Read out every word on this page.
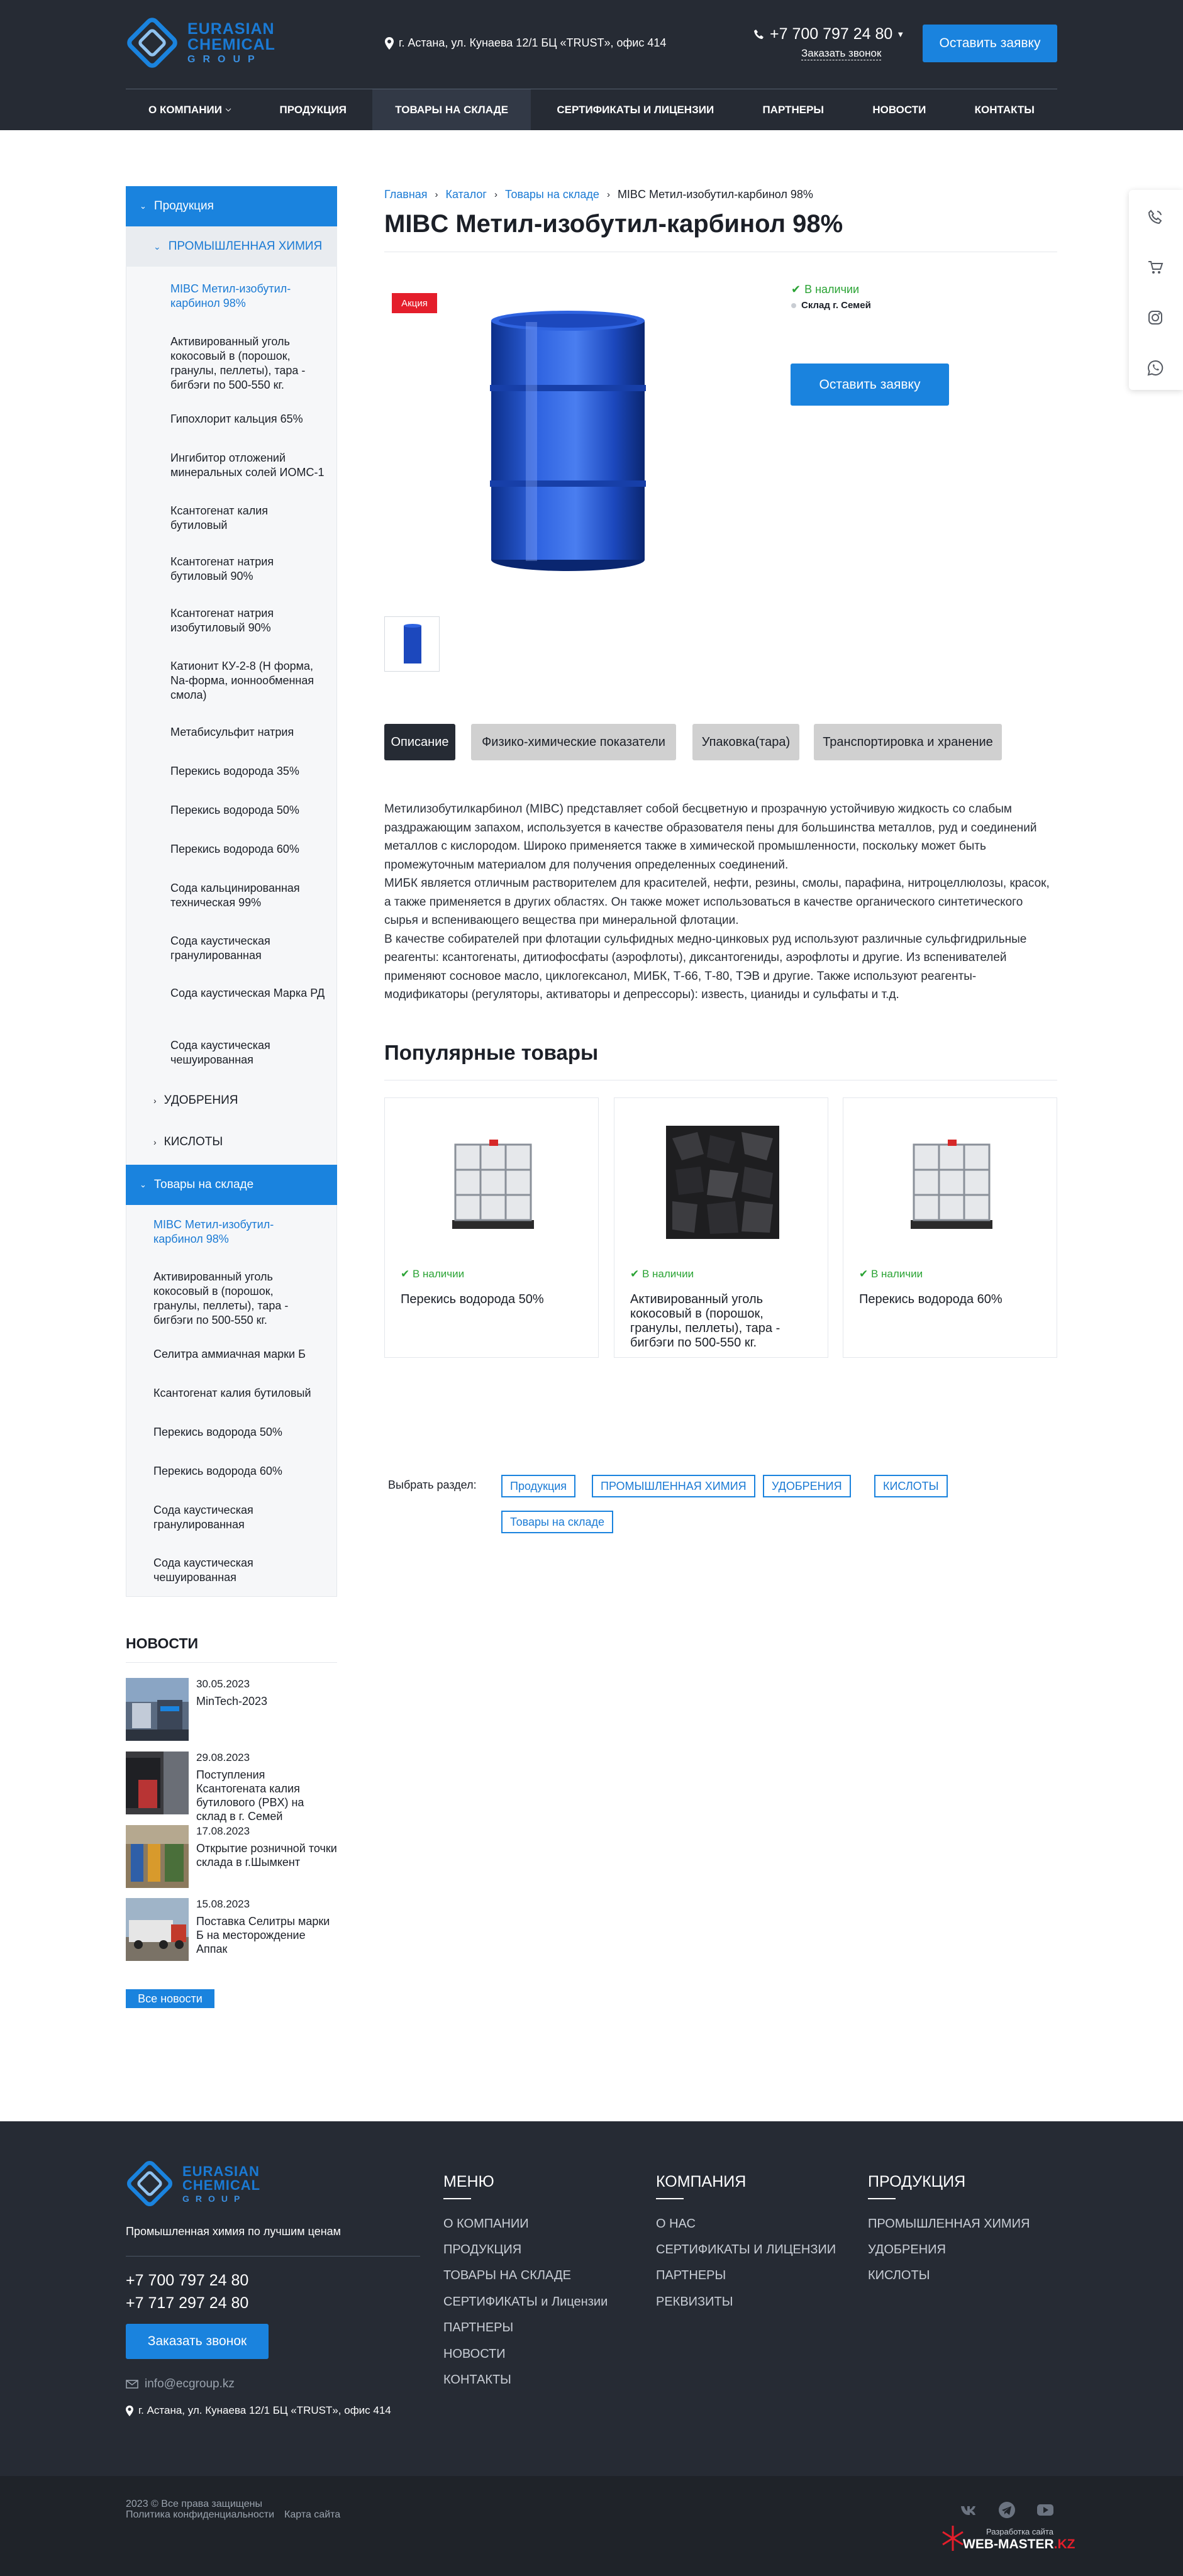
EURASIAN
CHEMICAL
GROUP
г. Астана, ул. Кунаева 12/1 БЦ «TRUST», офис 414	+7 700 797 24 80 ▼
Заказать звонок
Оставить заявку
О КОМПАНИИ ⌵	ПРОДУКЦИЯ	ТОВАРЫ НА СКЛАДЕ	СЕРТИФИКАТЫ И ЛИЦЕНЗИИ	ПАРТНЕРЫ	НОВОСТИ	КОНТАКТЫ
⌄ Продукция
⌄ ПРОМЫШЛЕННАЯ ХИМИЯ
MIBC Метил-изобутил-карбинол 98%
Активированный уголь кокосовый в (порошок, гранулы, пеллеты), тара - бигбэги по 500-550 кг.
Гипохлорит кальция 65%
Ингибитор отложений минеральных солей ИОМС-1
Ксантогенат калия бутиловый
Ксантогенат натрия бутиловый 90%
Ксантогенат натрия изобутиловый 90%
Катионит КУ-2-8 (Н форма, Na-форма, ионнообменная смола)
Метабисульфит натрия
Перекись водорода 35%
Перекись водорода 50%
Перекись водорода 60%
Сода кальцинированная техническая 99%
Сода каустическая гранулированная
Сода каустическая Марка РД
Сода каустическая чешуированная
› УДОБРЕНИЯ
› КИСЛОТЫ
⌄ Товары на складе
MIBC Метил-изобутил-карбинол 98%
Активированный уголь кокосовый в (порошок, гранулы, пеллеты), тара - бигбэги по 500-550 кг.
Селитра аммиачная марки Б
Ксантогенат калия бутиловый
Перекись водорода 50%
Перекись водорода 60%
Сода каустическая гранулированная
Сода каустическая чешуированная
НОВОСТИ
30.05.2023
MinTech-2023
29.08.2023
Поступления Ксантогената калия бутилового (PBX) на склад в г. Семей
17.08.2023
Открытие розничной точки склада в г.Шымкент
15.08.2023
Поставка Селитры марки Б на месторождение Аппак
Все новости
Главная › Каталог › Товары на складе › MIBC Метил-изобутил-карбинол 98%
MIBC Метил-изобутил-карбинол 98%
Акция
✔ В наличии
Склад г. Семей
Оставить заявку
Описание	Физико-химические показатели	Упаковка(тара)	Транспортировка и хранение

Метилизобутилкарбинол (MIBC) представляет собой бесцветную и прозрачную устойчивую жидкость со слабым раздражающим запахом, используется в качестве образователя пены для большинства металлов, руд и соединений металлов с кислородом. Широко применяется также в химической промышленности, поскольку может быть промежуточным материалом для получения определенных соединений.

МИБК является отличным растворителем для красителей, нефти, резины, смолы, парафина, нитроцеллюлозы, красок, а также применяется в других областях. Он также может использоваться в качестве органического синтетического сырья и вспенивающего вещества при минеральной флотации.

В качестве собирателей при флотации сульфидных медно-цинковых руд используют различные сульфгидрильные реагенты: ксантогенаты, дитиофосфаты (аэрофлоты), диксантогениды, аэрофлоты и другие. Из вспенивателей применяют сосновое масло, циклогексанол, МИБК, Т-66, Т-80, ТЭВ и другие. Также используют реагенты-модификаторы (регуляторы, активаторы и депрессоры): известь, цианиды и сульфаты и т.д.

Популярные товары
✔ В наличии
Перекись водорода 50%
✔ В наличии
Активированный уголь кокосовый в (порошок, гранулы, пеллеты), тара - бигбэги по 500-550 кг.
✔ В наличии
Перекись водорода 60%
Выбрать раздел:	Продукция	ПРОМЫШЛЕННАЯ ХИМИЯ	УДОБРЕНИЯ	КИСЛОТЫ
Товары на складе
EURASIAN
CHEMICAL
GROUP
Промышленная химия по лучшим ценам
+7 700 797 24 80
+7 717 297 24 80
Заказать звонок
info@ecgroup.kz
г. Астана, ул. Кунаева 12/1 БЦ «TRUST», офис 414
МЕНЮ
О КОМПАНИИ
ПРОДУКЦИЯ
ТОВАРЫ НА СКЛАДЕ
СЕРТИФИКАТЫ и Лицензии
ПАРТНЕРЫ
НОВОСТИ
КОНТАКТЫ
КОМПАНИЯ
О НАС
СЕРТИФИКАТЫ И ЛИЦЕНЗИИ
ПАРТНЕРЫ
РЕКВИЗИТЫ
ПРОДУКЦИЯ
ПРОМЫШЛЕННАЯ ХИМИЯ
УДОБРЕНИЯ
КИСЛОТЫ
2023 © Все права защищены
Политика конфиденциальности Карта сайта
Разработка сайта
WEB-MASTER.KZ
